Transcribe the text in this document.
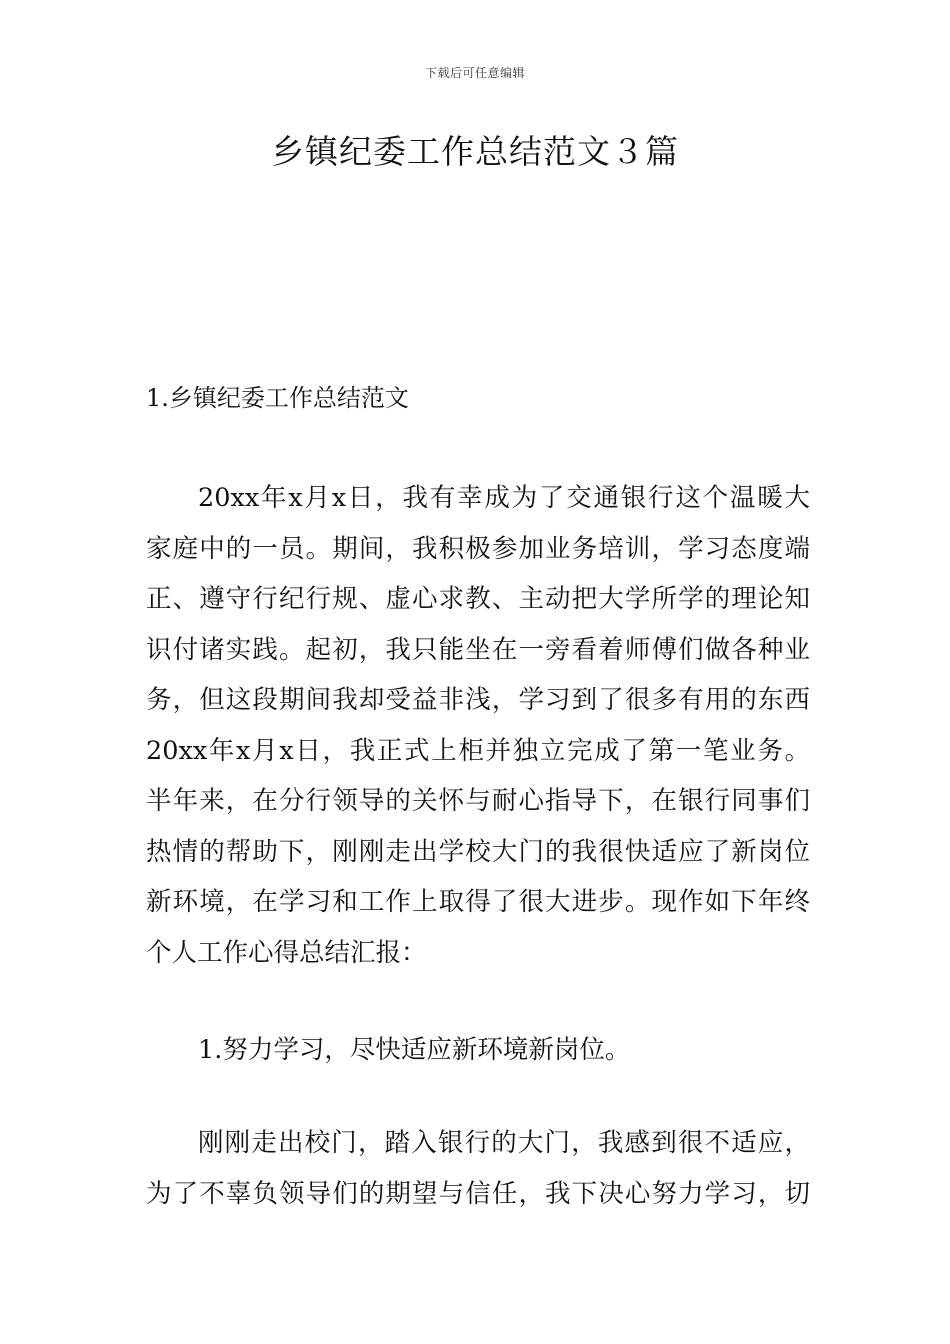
下载后可任意编辑
乡镇纪委工作总结范文３篇
1.乡镇纪委工作总结范文
20xx年x月x日，我有幸成为了交通银行这个温暖大
家庭中的一员。期间，我积极参加业务培训，学习态度端
正、遵守行纪行规、虚心求教、主动把大学所学的理论知
识付诸实践。起初，我只能坐在一旁看着师傅们做各种业
务，但这段期间我却受益非浅，学习到了很多有用的东西
20xx年x月x日，我正式上柜并独立完成了第一笔业务。
半年来，在分行领导的关怀与耐心指导下，在银行同事们
热情的帮助下，刚刚走出学校大门的我很快适应了新岗位
新环境，在学习和工作上取得了很大进步。现作如下年终
个人工作心得总结汇报：
1.努力学习，尽快适应新环境新岗位。
刚刚走出校门，踏入银行的大门，我感到很不适应，
为了不辜负领导们的期望与信任，我下决心努力学习，切
